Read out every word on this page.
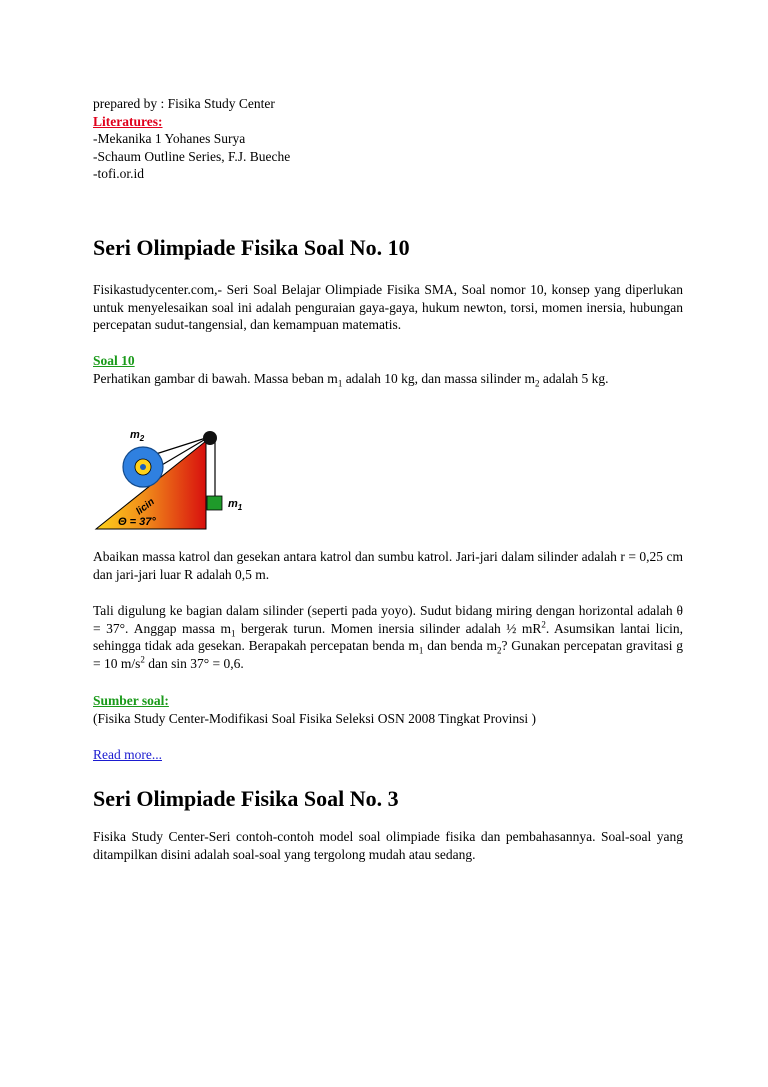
prepared by : Fisika Study Center

Literatures:

-Mekanika 1 Yohanes Surya

-Schaum Outline Series, F.J. Bueche

-tofi.or.id

Seri Olimpiade Fisika Soal No. 10

Fisikastudycenter.com,- Seri Soal Belajar Olimpiade Fisika SMA, Soal nomor 10, konsep yang diperlukan untuk menyelesaikan soal ini adalah penguraian gaya-gaya, hukum newton, torsi, momen inersia, hubungan percepatan sudut-tangensial, dan kemampuan matematis.

Soal 10

Perhatikan gambar di bawah. Massa beban $m_1$ adalah 10 kg, dan massa silinder $m_2$ adalah 5 kg.

$m_2$
$m_1$
licin
Θ = 37°

Abaikan massa katrol dan gesekan antara katrol dan sumbu katrol. Jari-jari dalam silinder adalah r = 0,25 cm dan jari-jari luar R adalah 0,5 m.

Tali digulung ke bagian dalam silinder (seperti pada yoyo). Sudut bidang miring dengan horizontal adalah θ = 37°. Anggap massa $m_1$ bergerak turun. Momen inersia silinder adalah ½ $mR^2$. Asumsikan lantai licin, sehingga tidak ada gesekan. Berapakah percepatan benda $m_1$ dan benda $m_2$? Gunakan percepatan gravitasi g = 10 $m/s^2$ dan sin 37° = 0,6.

Sumber soal:

(Fisika Study Center-Modifikasi Soal Fisika Seleksi OSN 2008 Tingkat Provinsi )

Read more...

Seri Olimpiade Fisika Soal No. 3

Fisika Study Center-Seri contoh-contoh model soal olimpiade fisika dan pembahasannya. Soal-soal yang ditampilkan disini adalah soal-soal yang tergolong mudah atau sedang.
